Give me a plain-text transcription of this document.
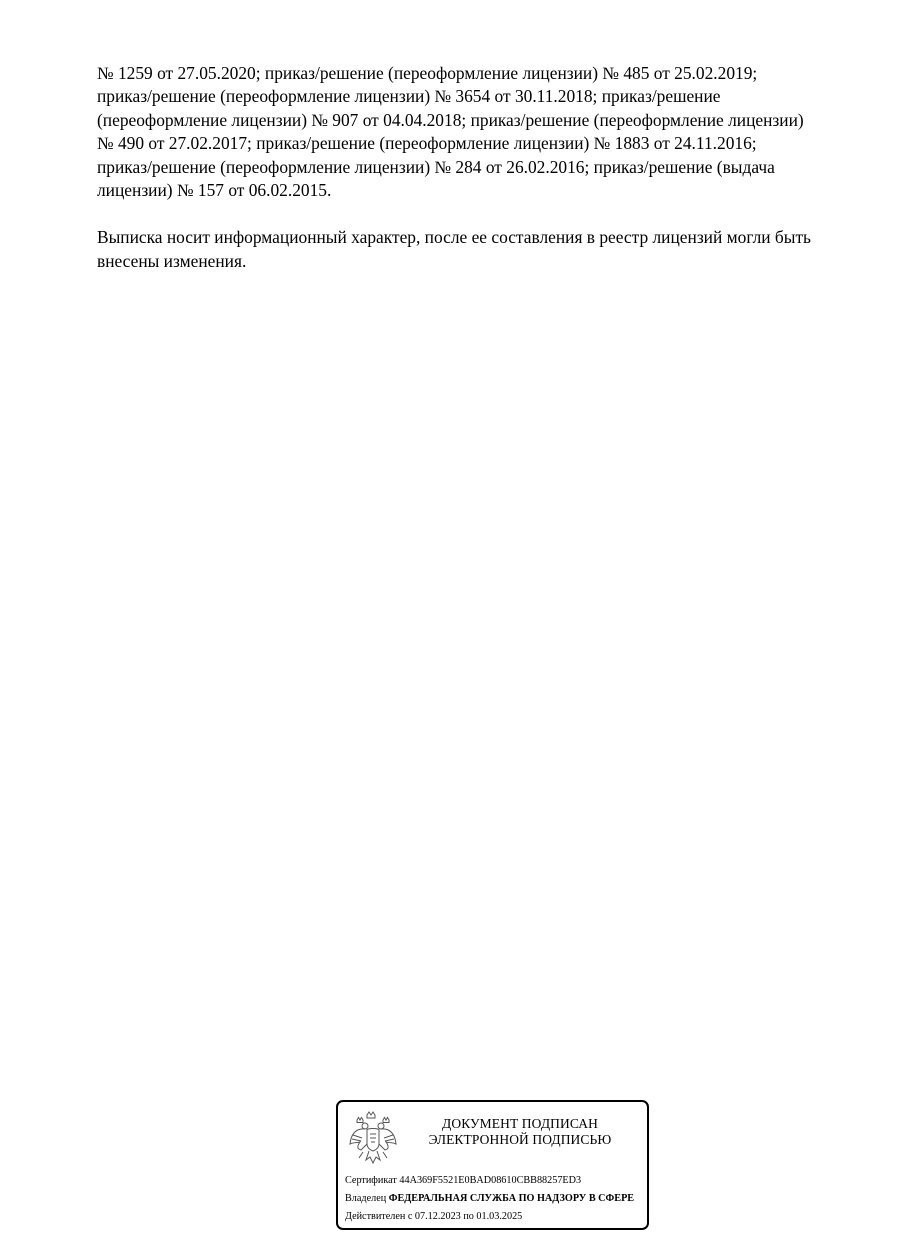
№ 1259 от 27.05.2020; приказ/решение (переоформление лицензии) № 485 от 25.02.2019;

приказ/решение (переоформление лицензии) № 3654 от 30.11.2018; приказ/решение

(переоформление лицензии) № 907 от 04.04.2018; приказ/решение (переоформление лицензии)

№ 490 от 27.02.2017; приказ/решение (переоформление лицензии) № 1883 от 24.11.2016;

приказ/решение (переоформление лицензии) № 284 от 26.02.2016; приказ/решение (выдача

лицензии) № 157 от 06.02.2015.

Выписка носит информационный характер, после ее составления в реестр лицензий могли быть

внесены изменения.

ДОКУМЕНТ ПОДПИСАН
ЭЛЕКТРОННОЙ ПОДПИСЬЮ
Сертификат 44A369F5521E0BAD08610CBB88257ED3
Владелец ФЕДЕРАЛЬНАЯ СЛУЖБА ПО НАДЗОРУ В СФЕРЕ
Действителен с 07.12.2023 по 01.03.2025
